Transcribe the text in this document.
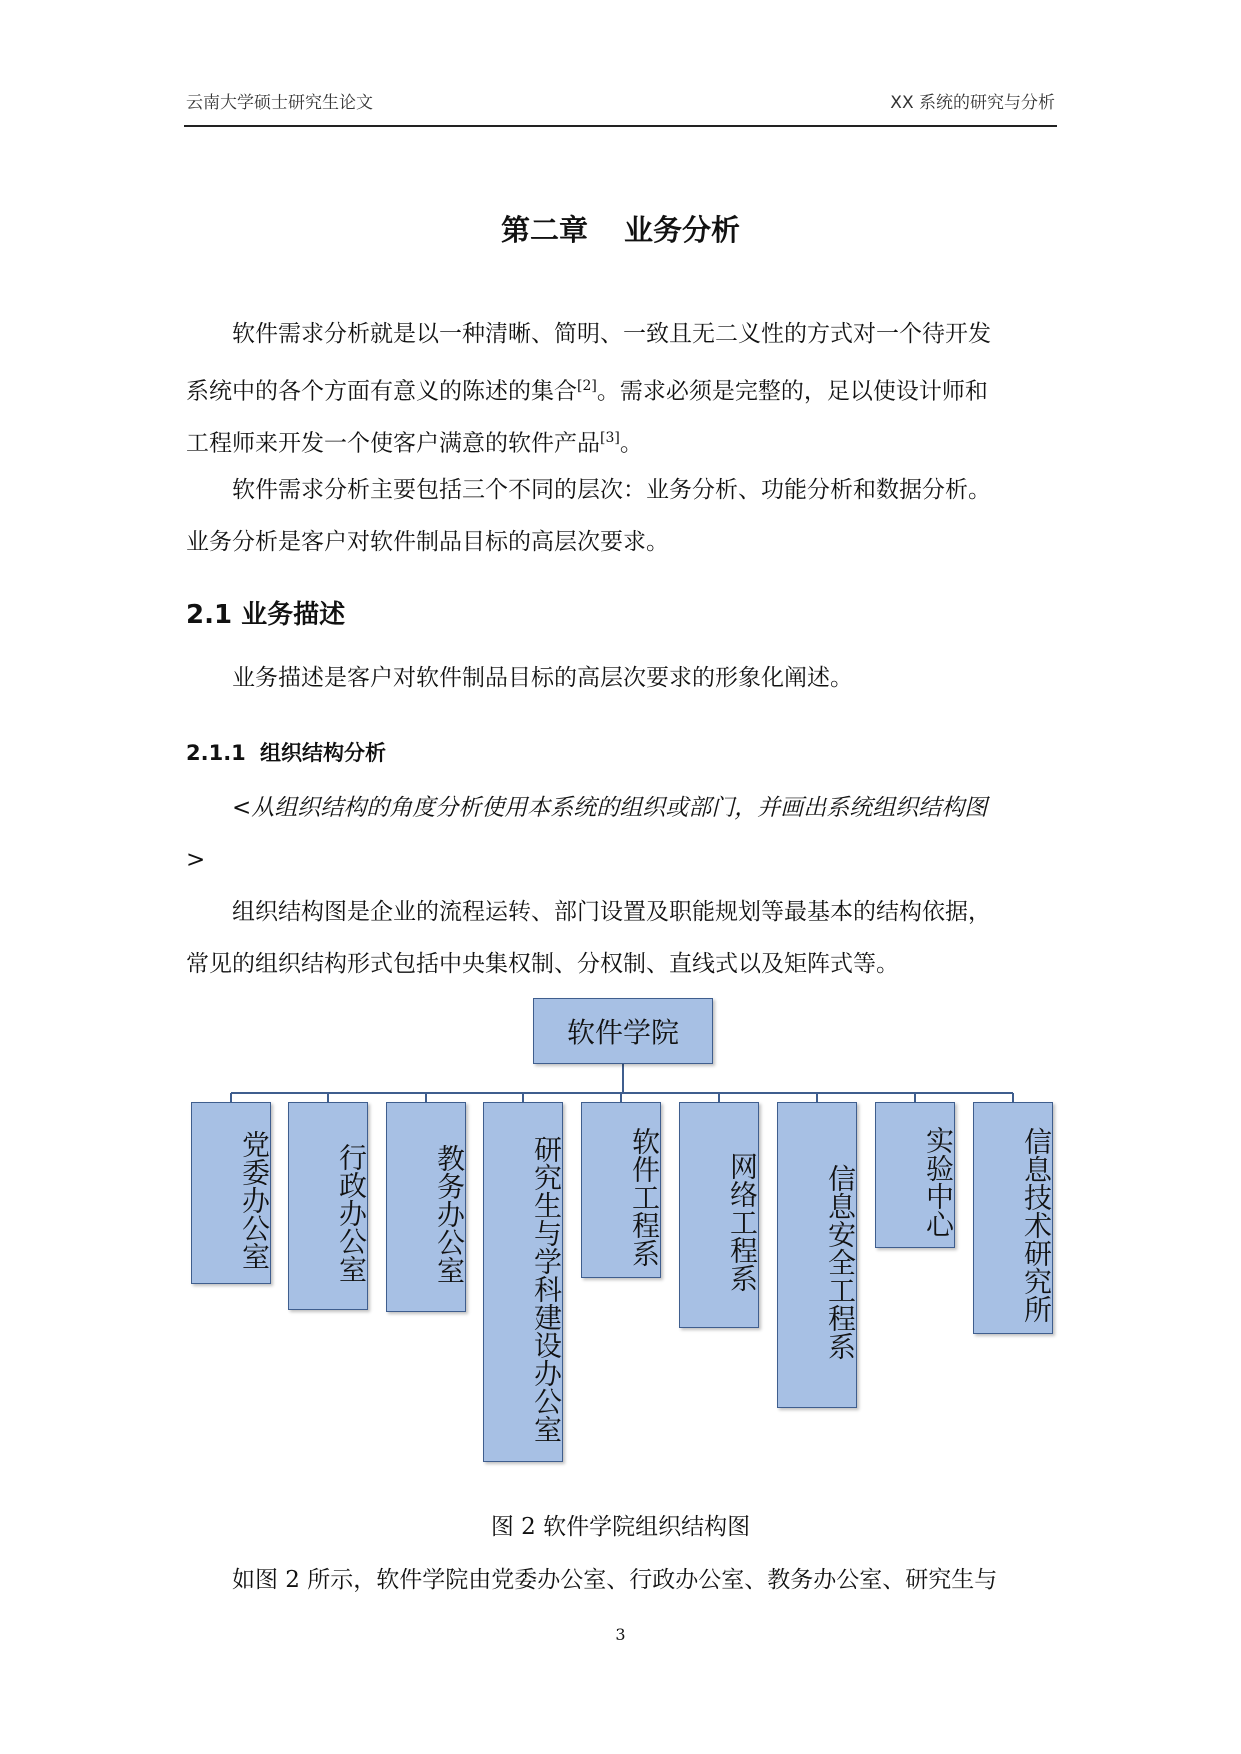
云南大学硕士研究生论文	XX 系统的研究与分析
第二章 业务分析

软件需求分析就是以一种清晰、简明、一致且无二义性的方式对一个待开发

系统中的各个方面有意义的陈述的集合[2]。需求必须是完整的，足以使设计师和

工程师来开发一个使客户满意的软件产品[3]。

软件需求分析主要包括三个不同的层次：业务分析、功能分析和数据分析。

业务分析是客户对软件制品目标的高层次要求。

2.1 业务描述

业务描述是客户对软件制品目标的高层次要求的形象化阐述。

2.1.1 组织结构分析

<从组织结构的角度分析使用本系统的组织或部门，并画出系统组织结构图

>

组织结构图是企业的流程运转、部门设置及职能规划等最基本的结构依据，

常见的组织结构形式包括中央集权制、分权制、直线式以及矩阵式等。

软件学院
党委办公室	行政办公室	教务办公室	研究生与学科建设办公室	软件工程系	网络工程系	信息安全工程系	实验中心	信息技术研究所
图 2 软件学院组织结构图

如图 2 所示，软件学院由党委办公室、行政办公室、教务办公室、研究生与

3
